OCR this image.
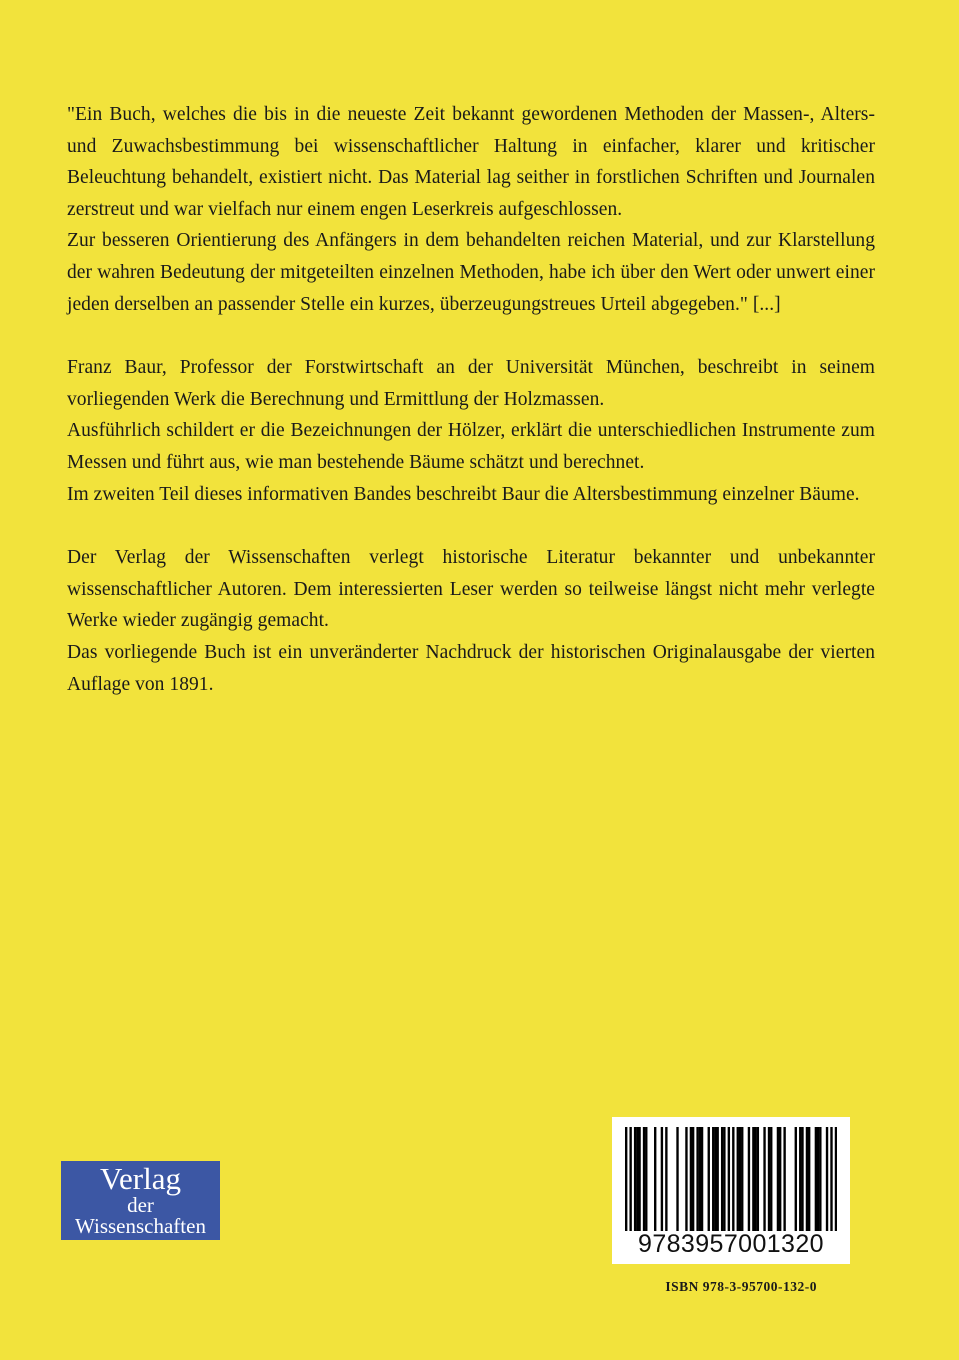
"Ein Buch, welches die bis in die neueste Zeit bekannt gewordenen Methoden der Massen-, Alters- und Zuwachsbestimmung bei wissenschaftlicher Haltung in einfacher, klarer und kritischer Beleuchtung behandelt, existiert nicht. Das Material lag seither in forstlichen Schriften und Journalen zerstreut und war vielfach nur einem engen Leserkreis aufgeschlossen.

Zur besseren Orientierung des Anfängers in dem behandelten reichen Material, und zur Klarstellung der wahren Bedeutung der mitgeteilten einzelnen Methoden, habe ich über den Wert oder unwert einer jeden derselben an passender Stelle ein kurzes, überzeugungstreues Urteil abgegeben." [...]

Franz Baur, Professor der Forstwirtschaft an der Universität München, beschreibt in seinem vorliegenden Werk die Berechnung und Ermittlung der Holzmassen.

Ausführlich schildert er die Bezeichnungen der Hölzer, erklärt die unterschiedlichen Instrumente zum Messen und führt aus, wie man bestehende Bäume schätzt und berechnet.

Im zweiten Teil dieses informativen Bandes beschreibt Baur die Altersbestimmung einzelner Bäume.

Der Verlag der Wissenschaften verlegt historische Literatur bekannter und unbekannter wissenschaftlicher Autoren. Dem interessierten Leser werden so teilweise längst nicht mehr verlegte Werke wieder zugängig gemacht.

Das vorliegende Buch ist ein unveränderter Nachdruck der historischen Originalausgabe der vierten Auflage von 1891.

Verlag
der
Wissenschaften
9783957001320
ISBN 978-3-95700-132-0
